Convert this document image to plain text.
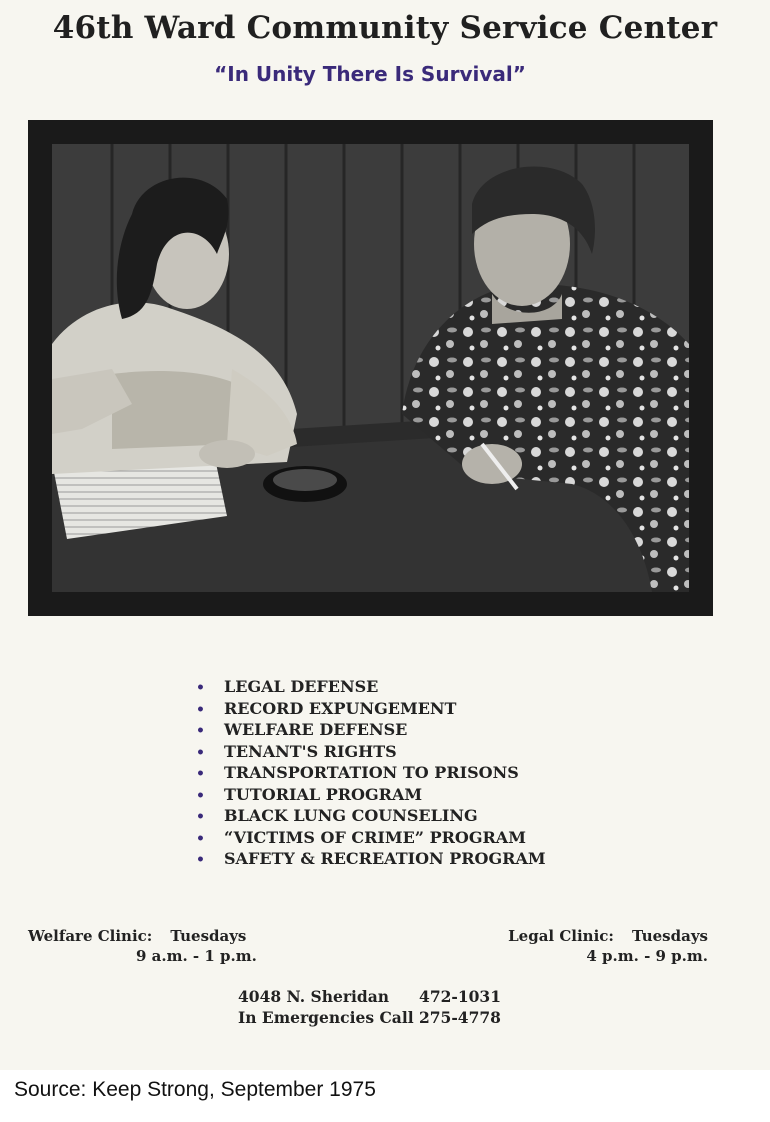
46th Ward Community Service Center
“In Unity There Is Survival”
• LEGAL DEFENSE
• RECORD EXPUNGEMENT
• WELFARE DEFENSE
• TENANT'S RIGHTS
• TRANSPORTATION TO PRISONS
• TUTORIAL PROGRAM
• BLACK LUNG COUNSELING
• “VICTIMS OF CRIME” PROGRAM
• SAFETY & RECREATION PROGRAM
Welfare Clinic: Tuesdays
9 a.m. - 1 p.m.
Legal Clinic: Tuesdays
4 p.m. - 9 p.m.
4048 N. Sheridan 472-1031
In Emergencies Call 275-4778
Source: Keep Strong, September 1975
